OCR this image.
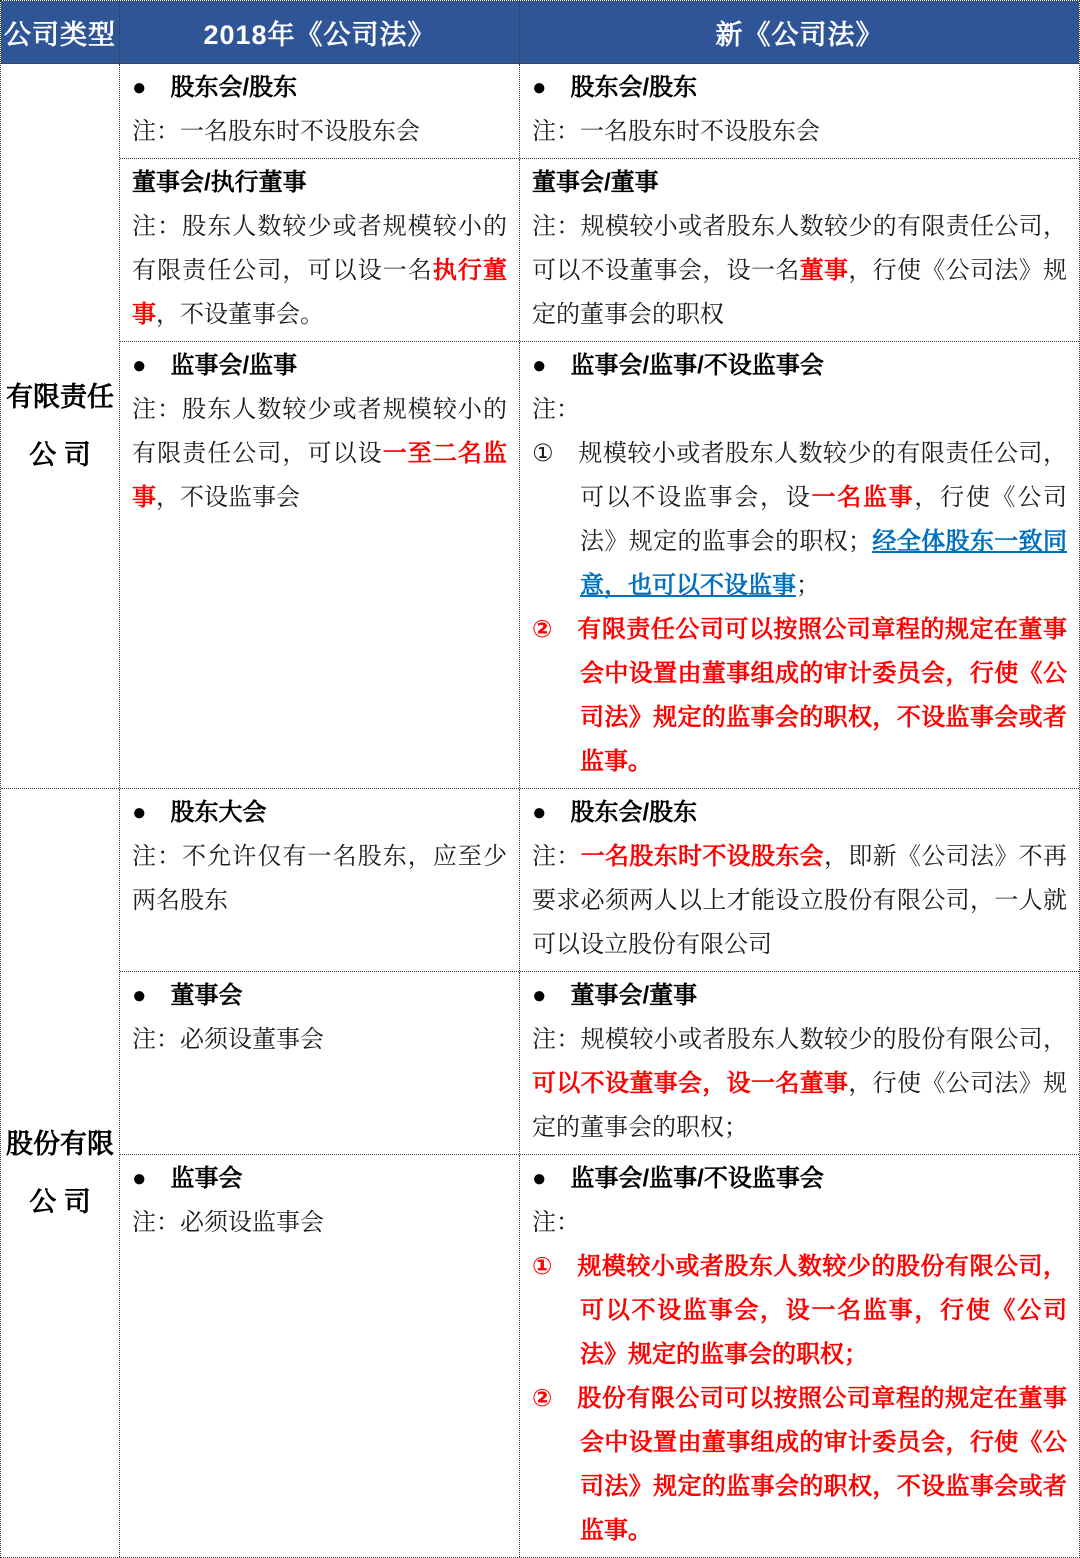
公司类型	2018年《公司法》	新《公司法》
有限责任
公 司
●　股东会/股东
注：一名股东时不设股东会
●　股东会/股东
注：一名股东时不设股东会
董事会/执行董事
注：股东人数较少或者规模较小的有限责任公司，可以设一名执行董事，不设董事会。
董事会/董事
注：规模较小或者股东人数较少的有限责任公司，可以不设董事会，设一名董事，行使《公司法》规定的董事会的职权
●　监事会/监事
注：股东人数较少或者规模较小的有限责任公司，可以设一至二名监事，不设监事会
●　监事会/监事/不设监事会
注：
①　规模较小或者股东人数较少的有限责任公司，可以不设监事会，设一名监事，行使《公司法》规定的监事会的职权；经全体股东一致同意，也可以不设监事；
②　有限责任公司可以按照公司章程的规定在董事会中设置由董事组成的审计委员会，行使《公司法》规定的监事会的职权，不设监事会或者监事。
股份有限
公 司
●　股东大会
注：不允许仅有一名股东，应至少两名股东
●　股东会/股东
注：一名股东时不设股东会，即新《公司法》不再要求必须两人以上才能设立股份有限公司，一人就可以设立股份有限公司
●　董事会
注：必须设董事会
●　董事会/董事
注：规模较小或者股东人数较少的股份有限公司，可以不设董事会，设一名董事，行使《公司法》规定的董事会的职权；
●　监事会
注：必须设监事会
●　监事会/监事/不设监事会
注：
①　规模较小或者股东人数较少的股份有限公司，可以不设监事会，设一名监事，行使《公司法》规定的监事会的职权；
②　股份有限公司可以按照公司章程的规定在董事会中设置由董事组成的审计委员会，行使《公司法》规定的监事会的职权，不设监事会或者监事。
